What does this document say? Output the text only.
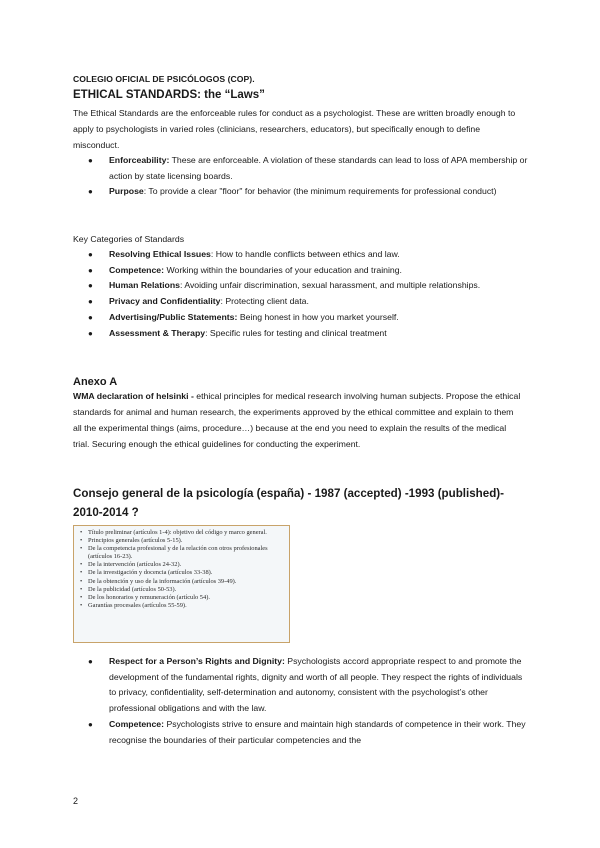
COLEGIO OFICIAL DE PSICÓLOGOS (COP).
ETHICAL STANDARDS: the “Laws”

The Ethical Standards are the enforceable rules for conduct as a psychologist. These are written broadly enough to apply to psychologists in varied roles (clinicians, researchers, educators), but specifically enough to define misconduct.

● Enforceability: These are enforceable. A violation of these standards can lead to loss of APA membership or action by state licensing boards.
● Purpose: To provide a clear "floor" for behavior (the minimum requirements for professional conduct)

Key Categories of Standards

● Resolving Ethical Issues: How to handle conflicts between ethics and law.
● Competence: Working within the boundaries of your education and training.
● Human Relations: Avoiding unfair discrimination, sexual harassment, and multiple relationships.
● Privacy and Confidentiality: Protecting client data.
● Advertising/Public Statements: Being honest in how you market yourself.
● Assessment & Therapy: Specific rules for testing and clinical treatment
Anexo A

WMA declaration of helsinki - ethical principles for medical research involving human subjects. Propose the ethical standards for animal and human research, the experiments approved by the ethical committee and explain to them all the experimental things (aims, procedure…) because at the end you need to explain the results of the medical trial. Securing enough the ethical guidelines for conducting the experiment.

Consejo general de la psicología (españa) - 1987 (accepted) -1993 (published)- 2010-2014 ?
• Título preliminar (artículos 1-4): objetivo del código y marco general.
• Principios generales (artículos 5-15).
• De la competencia profesional y de la relación con otros profesionales (artículos 16-23).
• De la intervención (artículos 24-32).
• De la investigación y docencia (artículos 33-38).
• De la obtención y uso de la información (artículos 39-49).
• De la publicidad (artículos 50-53).
• De los honorarios y remuneración (artículo 54).
• Garantías procesales (artículos 55-59).
● Respect for a Person’s Rights and Dignity: Psychologists accord appropriate respect to and promote the development of the fundamental rights, dignity and worth of all people. They respect the rights of individuals to privacy, confidentiality, self-determination and autonomy, consistent with the psychologist’s other professional obligations and with the law.
● Competence: Psychologists strive to ensure and maintain high standards of competence in their work. They recognise the boundaries of their particular competencies and the
2
